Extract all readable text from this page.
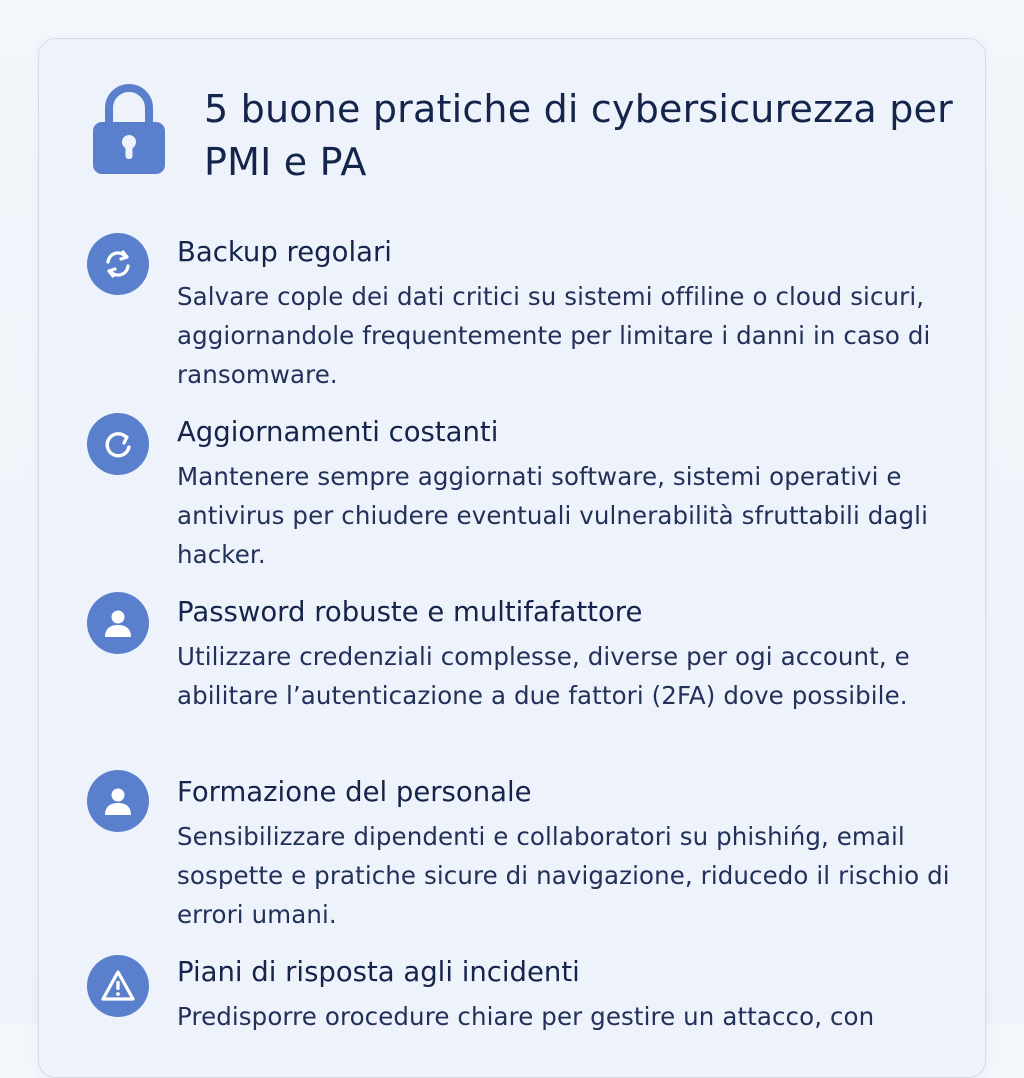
5 buone pratiche di cybersicurezza per PMI e PA
Backup regolari

Salvare cople dei dati critici su sistemi offiline o cloud sicuri, aggiornandole frequentemente per limitare i danni in caso di ransomware.

Aggiornamenti costanti

Mantenere sempre aggiornati software, sistemi operativi e antivirus per chiudere eventuali vulnerabilità sfruttabili dagli hacker.

Password robuste e multifafattore

Utilizzare credenziali complesse, diverse per ogi account, e abilitare l’autenticazione a due fattori (2FA) dove possibile.

Formazione del personale

Sensibilizzare dipendenti e collaboratori su phishińg, email sospette e pratiche sicure di navigazione, riducedo il rischio di errori umani.

Piani di risposta agli incidenti

Predisporre orocedure chiare per gestire un attacco, con
